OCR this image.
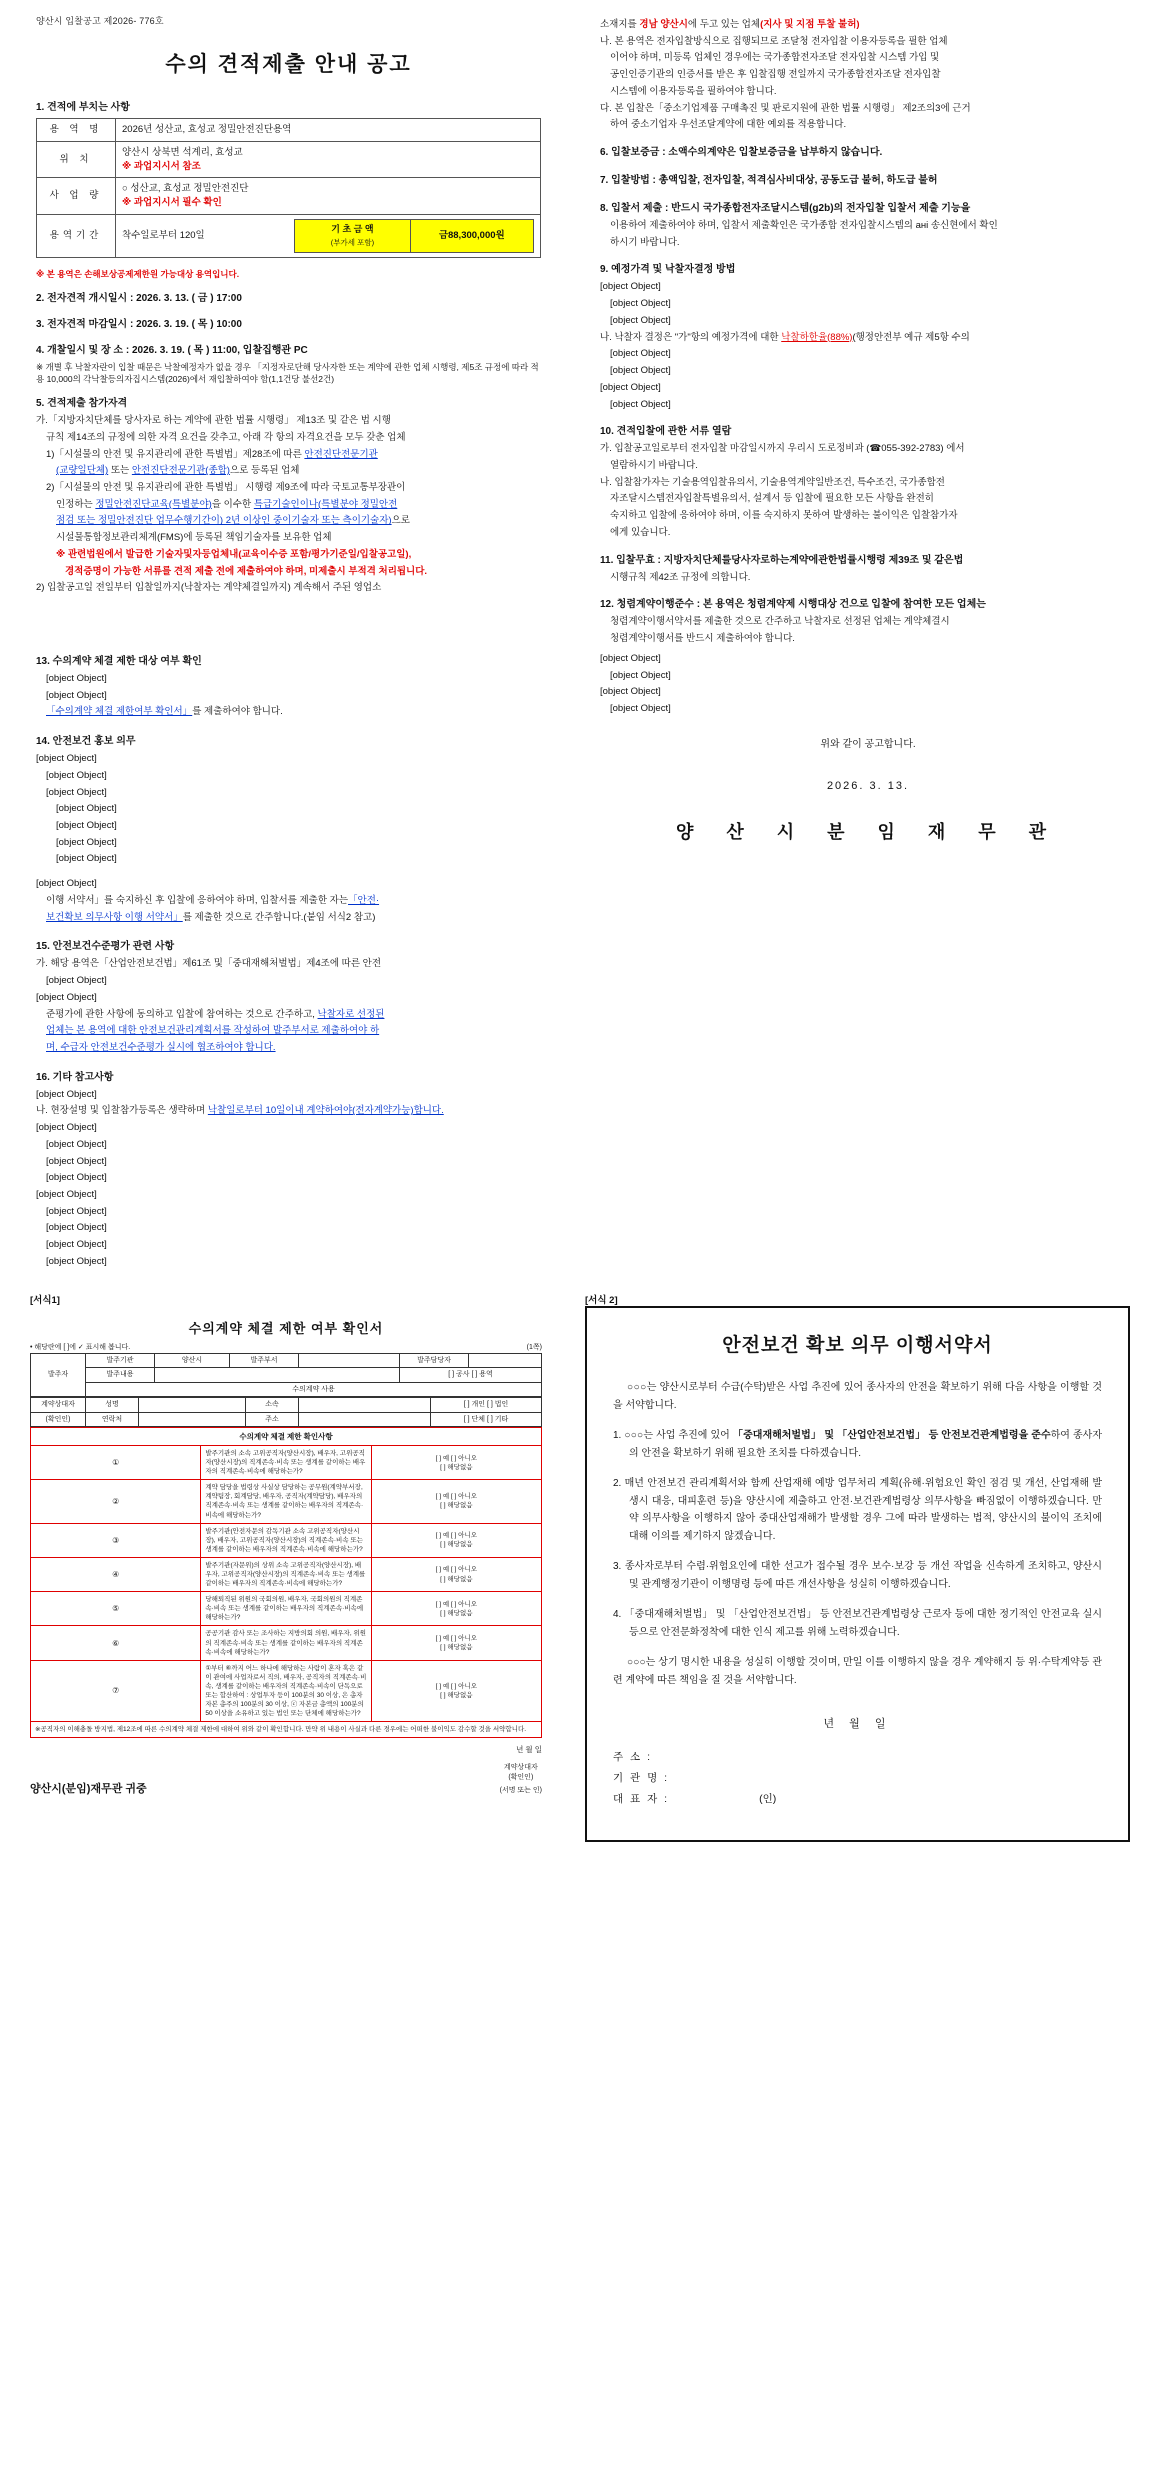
양산시 입찰공고 제2026- 776호
수의 견적제출 안내 공고
1. 견적에 부치는 사항
용 역 명	2026년 성산교, 효성교 정밀안전진단용역
위 치	양산시 상북면 석계리, 효성교
※ 과업지시서 참조
사 업 량	○ 성산교, 효성교 정밀안전진단
※ 과업지시서 필수 확인
용역기간	착수일로부터 120일	기 초 금 액
(부가세 포함)	금88,300,000원
※ 본 용역은 손해보상공제제한원 가능대상 용역입니다.
2. 전자견적 개시일시 : 2026. 3. 13. ( 금 ) 17:00
3. 전자견적 마감일시 : 2026. 3. 19. ( 목 ) 10:00
4. 개찰일시 및 장 소 : 2026. 3. 19. ( 목 ) 11:00, 입찰집행관 PC
※ 개별 후 낙찰자란이 입찰 때문은 낙찰예정자가 없을 경우 「지정자로단해 당사자한 또는 계약에 관한 업체 시행령, 제5조 규정에 따라 적용 10,000의 각낙찰등의자집시스템(2026)에서 재입찰하여야 함(1,1건당 불선2건)
5. 견적제출 참가자격
가.「지방자치단체를 당사자로 하는 계약에 관한 법률 시행령」 제13조 및 같은 법 시행
규칙 제14조의 규정에 의한 자격 요건을 갖추고, 아래 각 항의 자격요건을 모두 갖춘 업체
1)「시설물의 안전 및 유지관리에 관한 특별법」제28조에 따른 안전진단전문기관
(교량일단체) 또는 안전진단전문기관(종합)으로 등록된 업체
2)「시설물의 안전 및 유지관리에 관한 특별법」 시행령 제9조에 따라 국토교통부장관이
인정하는 정밀안전진단교육(특별분야)을 이수한 특급기술인이나(특별분야 정밀안전
점검 또는 정밀안전진단 업무수행기간이) 2년 이상인 중이기술자 또는 측이기술자)으로
시설물통합정보관리체계(FMS)에 등록된 책임기술자를 보유한 업체
※ 관련법원에서 발급한 기술자및자등업체내(교육이수증 포함/평가기준일/입찰공고일),
경적증명이 가능한 서류를 견적 제출 전에 제출하여야 하며, 미제출시 부적격 처리됩니다.
2) 입찰공고일 전일부터 입찰일까지(낙찰자는 계약체결일까지) 계속해서 주된 영업소
소재지를 경남 양산시에 두고 있는 업체(지사 및 지점 투찰 불허)
나. 본 용역은 전자입찰방식으로 집행되므로 조달청 전자입찰 이용자등록을 필한 업체
이어야 하며, 미등록 업체인 경우에는 국가종합전자조달 전자입찰 시스템 가입 및
공인인증기관의 인증서를 받은 후 입찰집행 전일까지 국가종합전자조달 전자입찰
시스템에 이용자등록을 필하여야 합니다.
다. 본 입찰은「중소기업제품 구매촉진 및 판로지원에 관한 법률 시행령」 제2조의3에 근거
하여 중소기업자 우선조달계약에 대한 예외를 적용합니다.
6. 입찰보증금 : 소액수의계약은 입찰보증금을 납부하지 않습니다.
7. 입찰방법 : 총액입찰, 전자입찰, 적격심사비대상, 공동도급 불허, 하도급 불허
8. 입찰서 제출 : 반드시 국가종합전자조달시스템(g2b)의 전자입찰 입찰서 제출 기능을
이용하여 제출하여야 하며, 입찰서 제출확인은 국가종합 전자입찰시스템의 ані 송신현에서 확인
하시기 바랍니다.
9. 예정가격 및 낙찰자결정 방법
[object Object]
[object Object]
[object Object]
나. 낙찰자 결정은 "가"항의 예정가격에 대한 낙찰하한율(88%)(행정안전부 예규 제5항 수의
[object Object]
[object Object]
[object Object]
[object Object]
10. 견적입찰에 관한 서류 열람
가. 입찰공고일로부터 전자입찰 마감일시까지 우리시 도로정비과 (☎055-392-2783) 에서
열람하시기 바랍니다.
나. 입찰참가자는 기술용역입찰유의서, 기술용역계약일반조건, 특수조건, 국가종합전
자조달시스템전자입찰특별유의서, 설계서 등 입찰에 필요한 모든 사항을 완전히
숙지하고 입찰에 응하여야 하며, 이를 숙지하지 못하여 발생하는 불이익은 입찰참가자
에게 있습니다.
11. 입찰무효 : 지방자치단체를당사자로하는계약에관한법률시행령 제39조 및 같은법
시행규칙 제42조 규정에 의합니다.
12. 청렴계약이행준수 : 본 용역은 청렴계약제 시행대상 건으로 입찰에 참여한 모든 업체는
청렴계약이행서약서를 제출한 것으로 간주하고 낙찰자로 선정된 업체는 계약체결시
청렴계약이행서를 반드시 제출하여야 합니다.
13. 수의계약 체결 제한 대상 여부 확인
[object Object]
[object Object]
「수의계약 체결 제한여부 확인서」를 제출하여야 합니다.
14. 안전보건 홍보 의무
[object Object]
[object Object]
[object Object]
[object Object]
[object Object]
[object Object]
[object Object]
[object Object]
이행 서약서」를 숙지하신 후 입찰에 응하여야 하며, 입찰서를 제출한 자는「안전·
보건확보 의무사항 이행 서약서」를 제출한 것으로 간주합니다.(붙임 서식2 참고)
15. 안전보건수준평가 관련 사항
가. 해당 용역은「산업안전보건법」제61조 및「중대재해처벌법」제4조에 따른 안전
[object Object]
[object Object]
준평가에 관한 사항에 동의하고 입찰에 참여하는 것으로 간주하고, 낙찰자로 선정된
업체는 본 용역에 대한 안전보건관리계획서를 작성하여 발주부서로 제출하여야 하
며, 수급자 안전보건수준평가 실시에 협조하여야 합니다.
16. 기타 참고사항
[object Object]
나. 현장설명 및 입찰참가등록은 생략하며 낙찰일로부터 10일이내 계약하여야(전자계약가능)합니다.
[object Object]
[object Object]
[object Object]
[object Object]
[object Object]
[object Object]
[object Object]
[object Object]
[object Object]
[object Object]
[object Object]
[object Object]
[object Object]
위와 같이 공고합니다.
2026. 3. 13.
양 산 시 분 임 재 무 관
[서식1]
수의계약 체결 제한 여부 확인서
• 해당란에 [ ]에 ✓ 표시해 봅니다.	(1쪽)
발주자	발주기관	양산시	발주부서		발주담당자	
	발주내용				[ ] 공사 [ ] 용역	
	수의계약 사용					
계약상대자	성명		소속		[ ] 개인 [ ] 법인
(확인인)	연락처		주소		[ ] 단체 [ ] 기타
수의계약 체결 제한 확인사항		
①	발주기관의 소속 고위공직자(양산시장), 배우자, 고위공직자(양산시장)의 직계존속·비속 또는 생계를 같이하는 배우자의 직계존속·비속에 해당하는가?	[ ] 예 [ ] 아니오
[ ] 해당없음
②	계약 담당을 법령상 사실상 담당하는 공무원(계약부서장, 계약팀장, 회계담당, 배우자, 공직자(계약담당), 배우자의 직계존속·비속 또는 생계를 같이하는 배우자의 직계존속·비속에 해당하는가?	[ ] 예 [ ] 아니오
[ ] 해당없음
③	발주기관(안전자문의 감독기관 소속 고위공직자(양산시장), 배우자, 고위공직자(양산시장)의 직계존속·비속 또는 생계를 같이하는 배우자의 직계존속·비속에 해당하는가?	[ ] 예 [ ] 아니오
[ ] 해당없음
④	발주기관(자문위)의 상위 소속 고위공직자(양산시장), 배우자, 고위공직자(양산시장)의 직계존속·비속 또는 생계를 같이하는 배우자의 직계존속·비속에 해당하는가?	[ ] 예 [ ] 아니오
[ ] 해당없음
⑤	당해퇴직된 위원의 국회의원, 배우자, 국회의원의 직계존속·비속 또는 생계를 같이하는 배우자의 직계존속·비속에 해당하는가?	[ ] 예 [ ] 아니오
[ ] 해당없음
⑥	공공기관 감사 또는 조사하는 지방의회 의원, 배우자, 위원의 직계존속·비속 또는 생계를 같이하는 배우자의 직계존속·비속에 해당하는가?	[ ] 예 [ ] 아니오
[ ] 해당없음
⑦	①부터 ⑥까지 어느 하나에 해당하는 사람이 혼자 혹은 같이 관여에 사업자로서 직의, 배우자, 공직자의 직계존속·비속, 생계를 같이하는 배우자의 직계존속·비속이 단독으로 또는 합산하여 : 상업투자 등이 100분의 30 이상, 은 총자자본 총주의 100분의 30 이상, ⓒ 자본금 총액의 100분의 50 이상을 소유하고 있는 법인 또는 단체에 해당하는가?	[ ] 예 [ ] 아니오
[ ] 해당없음
※공직자의 이해충돌 방지법, 제12조에 따른 수의계약 체결 제한에 대하여 위와 같이 확인합니다. 만약 위 내용이 사실과 다른 경우에는 어떠한 불이익도 감수할 것을 서약합니다.		
년 월 일
양산시(분임)재무관 귀중
계약상대자
(확인인)
(서명 또는 인)
[서식 2]
안전보건 확보 의무 이행서약서

○○○는 양산시로부터 수급(수탁)받은 사업 추진에 있어 종사자의 안전을 확보하기 위해 다음 사항을 이행할 것을 서약합니다.

1. ○○○는 사업 추진에 있어 「중대재해처벌법」 및 「산업안전보건법」 등 안전보건관계법령을 준수하여 종사자의 안전을 확보하기 위해 필요한 조치를 다하겠습니다.

2. 매년 안전보건 관리계획서와 함께 산업재해 예방 업무처리 계획(유해·위험요인 확인 점검 및 개선, 산업재해 발생시 대응, 대피훈련 등)을 양산시에 제출하고 안전·보건관계법령상 의무사항을 빠짐없이 이행하겠습니다. 만약 의무사항을 이행하지 않아 중대산업재해가 발생할 경우 그에 따라 발생하는 법적, 양산시의 불이익 조치에 대해 이의를 제기하지 않겠습니다.

3. 종사자로부터 수렴·위험요인에 대한 선고가 접수될 경우 보수·보강 등 개선 작업을 신속하게 조치하고, 양산시 및 관계행정기관이 이행명령 등에 따른 개선사항을 성실히 이행하겠습니다.

4. 「중대재해처벌법」 및 「산업안전보건법」 등 안전보건관계법령상 근로자 등에 대한 정기적인 안전교육 실시 등으로 안전문화정착에 대한 인식 제고를 위해 노력하겠습니다.

○○○는 상기 명시한 내용을 성실히 이행할 것이며, 만일 이를 이행하지 않을 경우 계약해지 등 위·수탁계약등 관련 계약에 따른 책임을 질 것을 서약합니다.

년 월 일
주 소 :
기 관 명 :
대 표 자 :	(인)
